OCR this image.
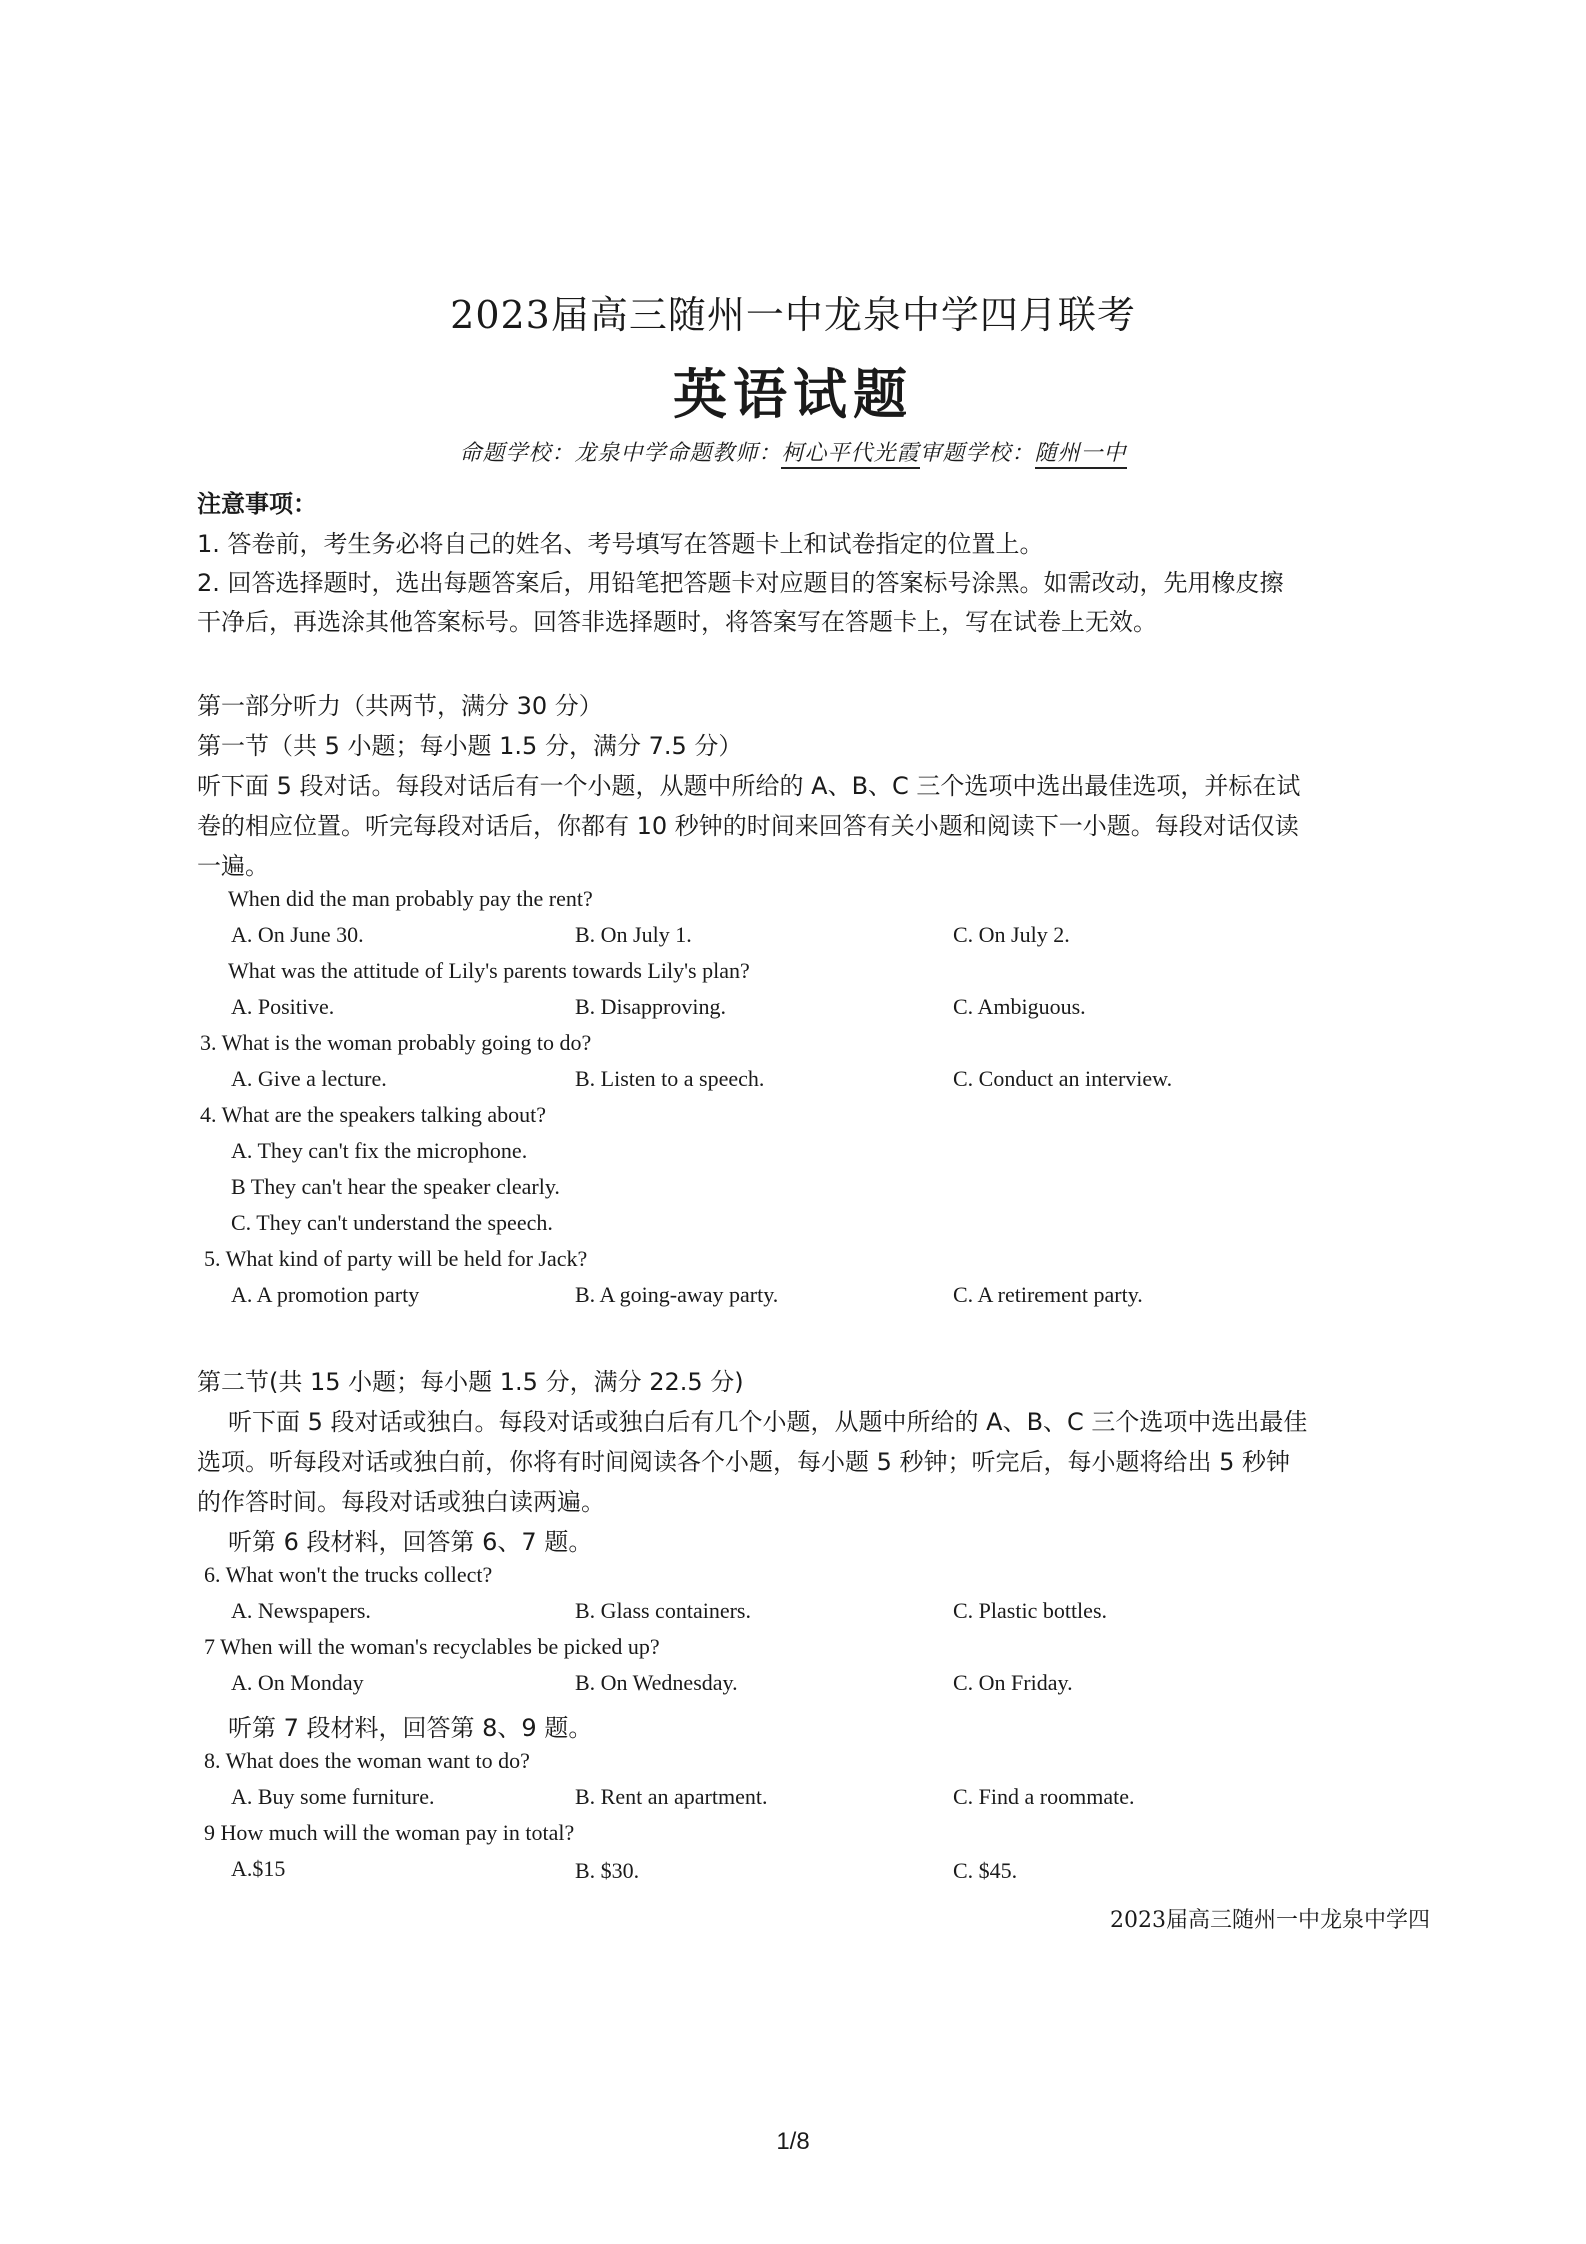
2023届高三随州一中龙泉中学四月联考
英语试题
命题学校：龙泉中学命题教师：柯心平代光霞审题学校：随州一中
注意事项：
1. 答卷前，考生务必将自己的姓名、考号填写在答题卡上和试卷指定的位置上。
2. 回答选择题时，选出每题答案后，用铅笔把答题卡对应题目的答案标号涂黑。如需改动，先用橡皮擦
干净后，再选涂其他答案标号。回答非选择题时，将答案写在答题卡上，写在试卷上无效。
第一部分听力（共两节，满分 30 分）
第一节（共 5 小题；每小题 1.5 分，满分 7.5 分）
听下面 5 段对话。每段对话后有一个小题，从题中所给的 A、B、C 三个选项中选出最佳选项，并标在试
卷的相应位置。听完每段对话后，你都有 10 秒钟的时间来回答有关小题和阅读下一小题。每段对话仅读
一遍。
When did the man probably pay the rent?
A. On June 30.	B. On July 1.	C. On July 2.
What was the attitude of Lily's parents towards Lily's plan?
A. Positive.	B. Disapproving.	C. Ambiguous.
3. What is the woman probably going to do?
A. Give a lecture.	B. Listen to a speech.	C. Conduct an interview.
4. What are the speakers talking about?
A. They can't fix the microphone.
B They can't hear the speaker clearly.
C. They can't understand the speech.
5. What kind of party will be held for Jack?
A. A promotion party	B. A going-away party.	C. A retirement party.
第二节(共 15 小题；每小题 1.5 分，满分 22.5 分)
听下面 5 段对话或独白。每段对话或独白后有几个小题，从题中所给的 A、B、C 三个选项中选出最佳
选项。听每段对话或独白前，你将有时间阅读各个小题，每小题 5 秒钟；听完后，每小题将给出 5 秒钟
的作答时间。每段对话或独白读两遍。
听第 6 段材料，回答第 6、7 题。
6. What won't the trucks collect?
A. Newspapers.	B. Glass containers.	C. Plastic bottles.
7 When will the woman's recyclables be picked up?
A. On Monday	B. On Wednesday.	C. On Friday.
听第 7 段材料，回答第 8、9 题。
8. What does the woman want to do?
A. Buy some furniture.	B. Rent an apartment.	C. Find a roommate.
9 How much will the woman pay in total?
A.$15	B. $30.	C. $45.
2023届高三随州一中龙泉中学四
1/8
